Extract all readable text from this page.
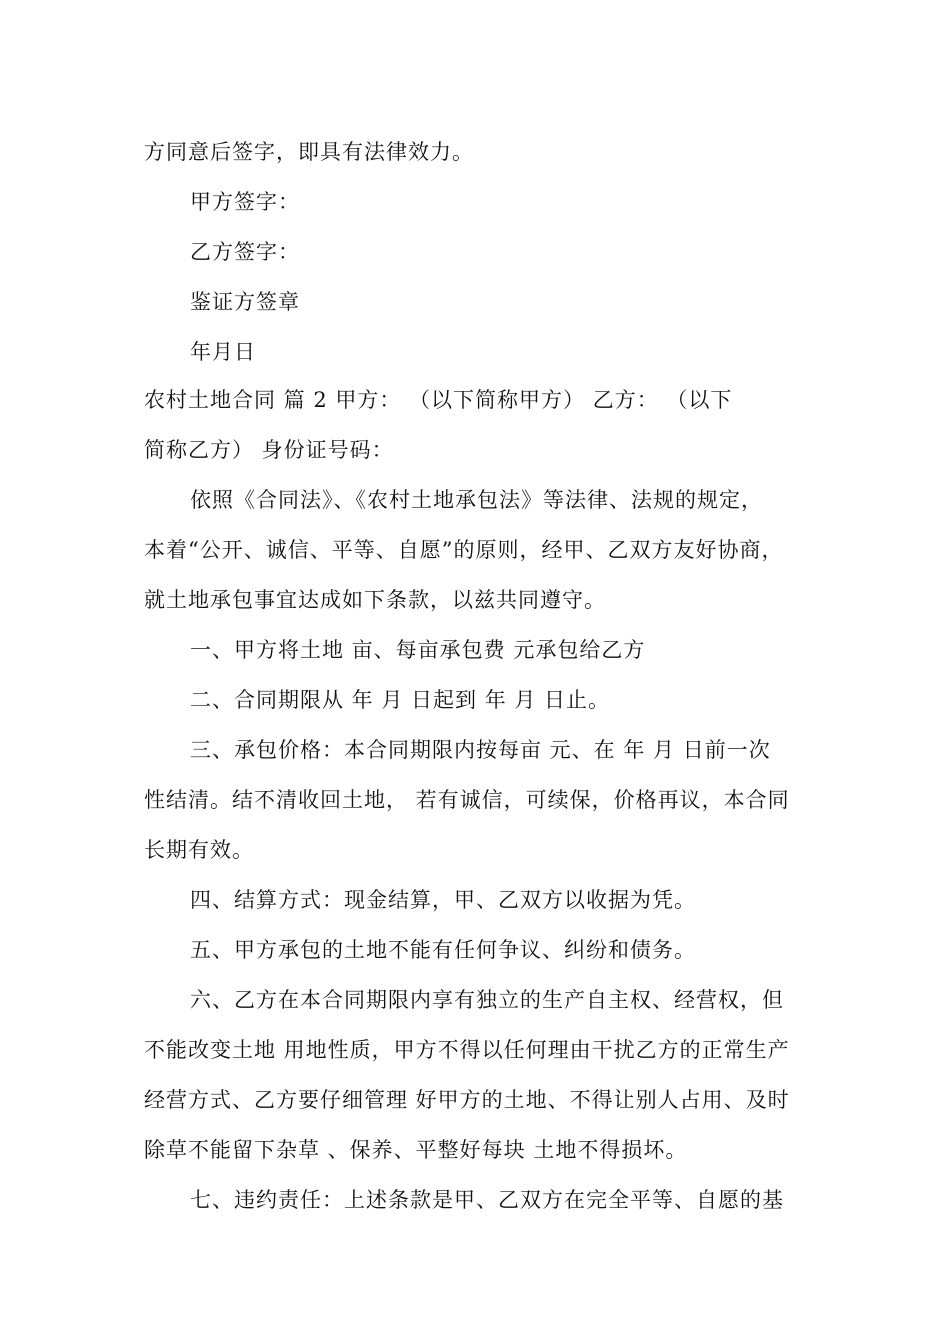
方同意后签字，即具有法律效力。
甲方签字：
乙方签字：
鉴证方签章
年月日
农村土地合同 篇 2 甲方： （以下简称甲方） 乙方： （以下
简称乙方） 身份证号码：
依照《合同法》、《农村土地承包法》等法律、法规的规定，
本着“公开、诚信、平等、自愿”的原则，经甲、乙双方友好协商，
就土地承包事宜达成如下条款，以兹共同遵守。
一、甲方将土地 亩、每亩承包费 元承包给乙方
二、合同期限从 年 月 日起到 年 月 日止。
三、承包价格：本合同期限内按每亩 元、在 年 月 日前一次
性结清。结不清收回土地， 若有诚信，可续保，价格再议，本合同
长期有效。
四、结算方式：现金结算，甲、乙双方以收据为凭。
五、甲方承包的土地不能有任何争议、纠纷和债务。
六、乙方在本合同期限内享有独立的生产自主权、经营权，但
不能改变土地 用地性质，甲方不得以任何理由干扰乙方的正常生产
经营方式、乙方要仔细管理 好甲方的土地、不得让别人占用、及时
除草不能留下杂草 、保养、平整好每块 土地不得损坏。
七、违约责任：上述条款是甲、乙双方在完全平等、自愿的基
